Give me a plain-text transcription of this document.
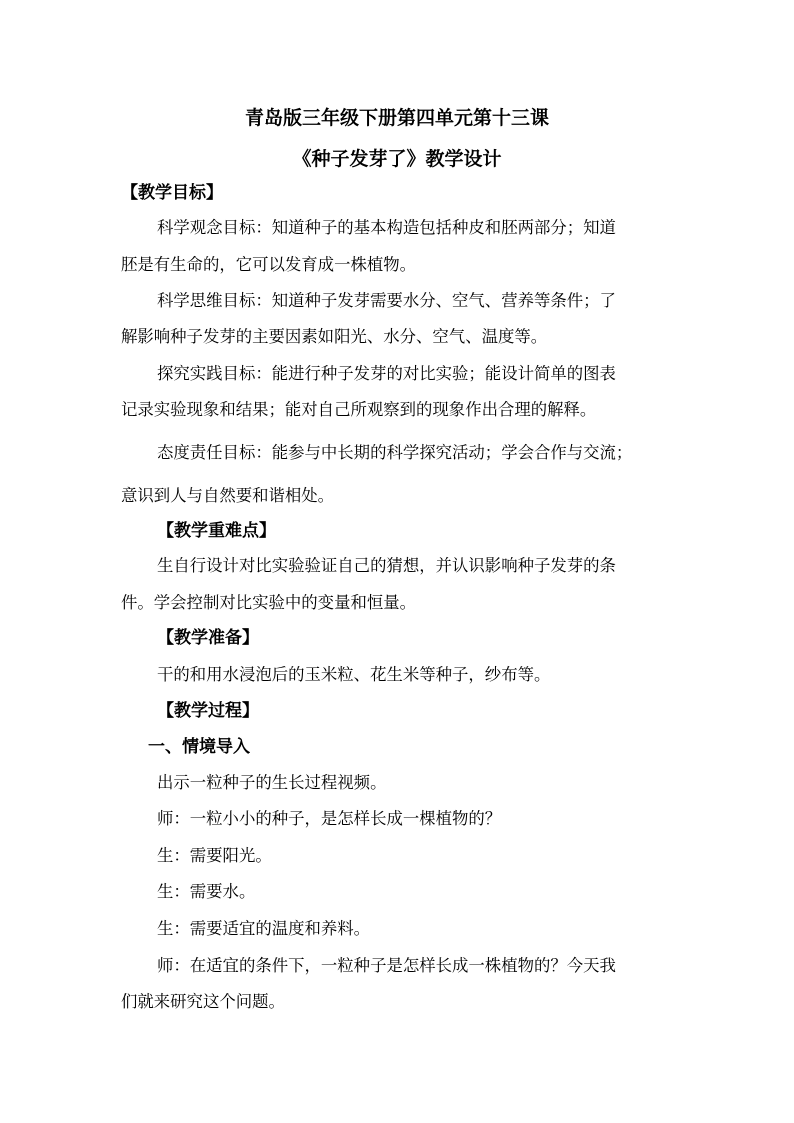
青岛版三年级下册第四单元第十三课
《种子发芽了》教学设计
【教学目标】
科学观念目标：知道种子的基本构造包括种皮和胚两部分；知道
胚是有生命的，它可以发育成一株植物。
科学思维目标：知道种子发芽需要水分、空气、营养等条件；了
解影响种子发芽的主要因素如阳光、水分、空气、温度等。
探究实践目标：能进行种子发芽的对比实验；能设计简单的图表
记录实验现象和结果；能对自己所观察到的现象作出合理的解释。
态度责任目标：能参与中长期的科学探究活动；学会合作与交流；
意识到人与自然要和谐相处。
【教学重难点】
生自行设计对比实验验证自己的猜想，并认识影响种子发芽的条
件。学会控制对比实验中的变量和恒量。
【教学准备】
干的和用水浸泡后的玉米粒、花生米等种子，纱布等。
【教学过程】
一、情境导入
出示一粒种子的生长过程视频。
师：一粒小小的种子，是怎样长成一棵植物的？
生：需要阳光。
生：需要水。
生：需要适宜的温度和养料。
师：在适宜的条件下，一粒种子是怎样长成一株植物的？今天我
们就来研究这个问题。
